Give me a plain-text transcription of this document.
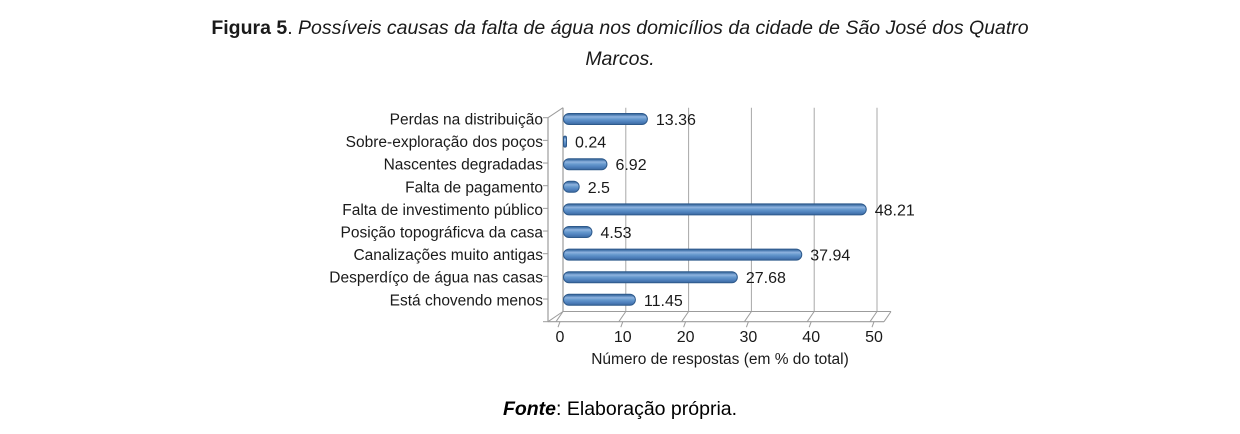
Figura 5. Possíveis causas da falta de água nos domicílios da cidade de São José dos Quatro
Marcos.
0	10	20	30	40	50
Perdas na distribuição	13.36
Sobre-exploração dos poços 0.24
Nascentes degradadas	6.92
Falta de pagamento	2.5
Falta de investimento público	48.21
Posição topográficva da casa	4.53
Canalizações muito antigas	37.94
Desperdíço de água nas casas	27.68
Está chovendo menos	11.45
Número de respostas (em % do total)
Fonte: Elaboração própria.
